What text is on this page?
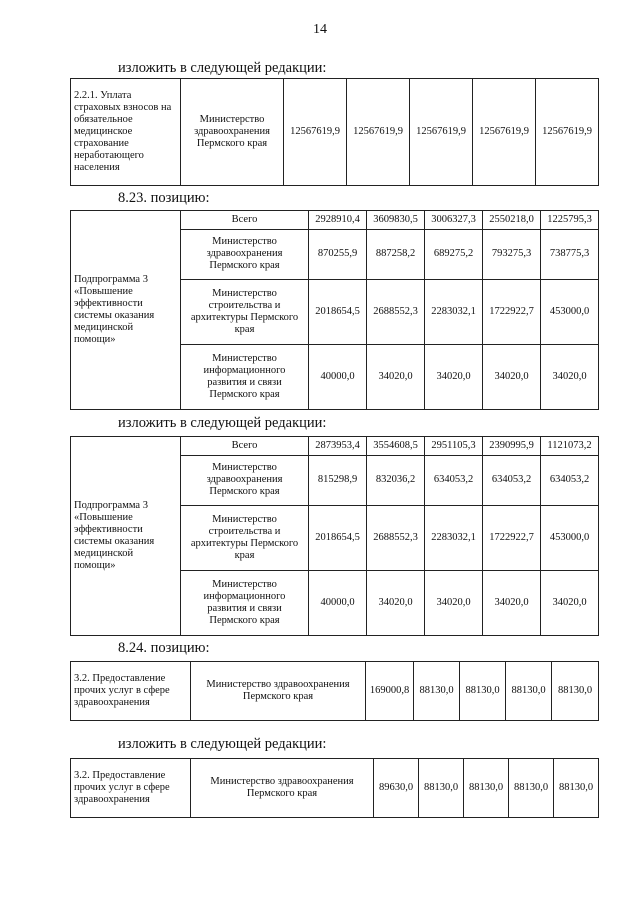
14
изложить в следующей редакции:
2.2.1. Уплата страховых взносов на обязательное медицинское страхование неработающего населения	Министерство здравоохранения Пермского края	12567619,9	12567619,9	12567619,9	12567619,9	12567619,9
8.23. позицию:
Подпрограмма 3 «Повышение эффективности системы оказания медицинской помощи»	Всего	2928910,4	3609830,5	3006327,3	2550218,0	1225795,3
	Министерство здравоохранения Пермского края	870255,9	887258,2	689275,2	793275,3	738775,3
	Министерство строительства и архитектуры Пермского края	2018654,5	2688552,3	2283032,1	1722922,7	453000,0
	Министерство информационного развития и связи Пермского края	40000,0	34020,0	34020,0	34020,0	34020,0
изложить в следующей редакции:
Подпрограмма 3 «Повышение эффективности системы оказания медицинской помощи»	Всего	2873953,4	3554608,5	2951105,3	2390995,9	1121073,2
	Министерство здравоохранения Пермского края	815298,9	832036,2	634053,2	634053,2	634053,2
	Министерство строительства и архитектуры Пермского края	2018654,5	2688552,3	2283032,1	1722922,7	453000,0
	Министерство информационного развития и связи Пермского края	40000,0	34020,0	34020,0	34020,0	34020,0
8.24. позицию:
3.2. Предоставление прочих услуг в сфере здравоохранения	Министерство здравоохранения Пермского края	169000,8	88130,0	88130,0	88130,0	88130,0
изложить в следующей редакции:
3.2. Предоставление прочих услуг в сфере здравоохранения	Министерство здравоохранения Пермского края	89630,0	88130,0	88130,0	88130,0	88130,0
